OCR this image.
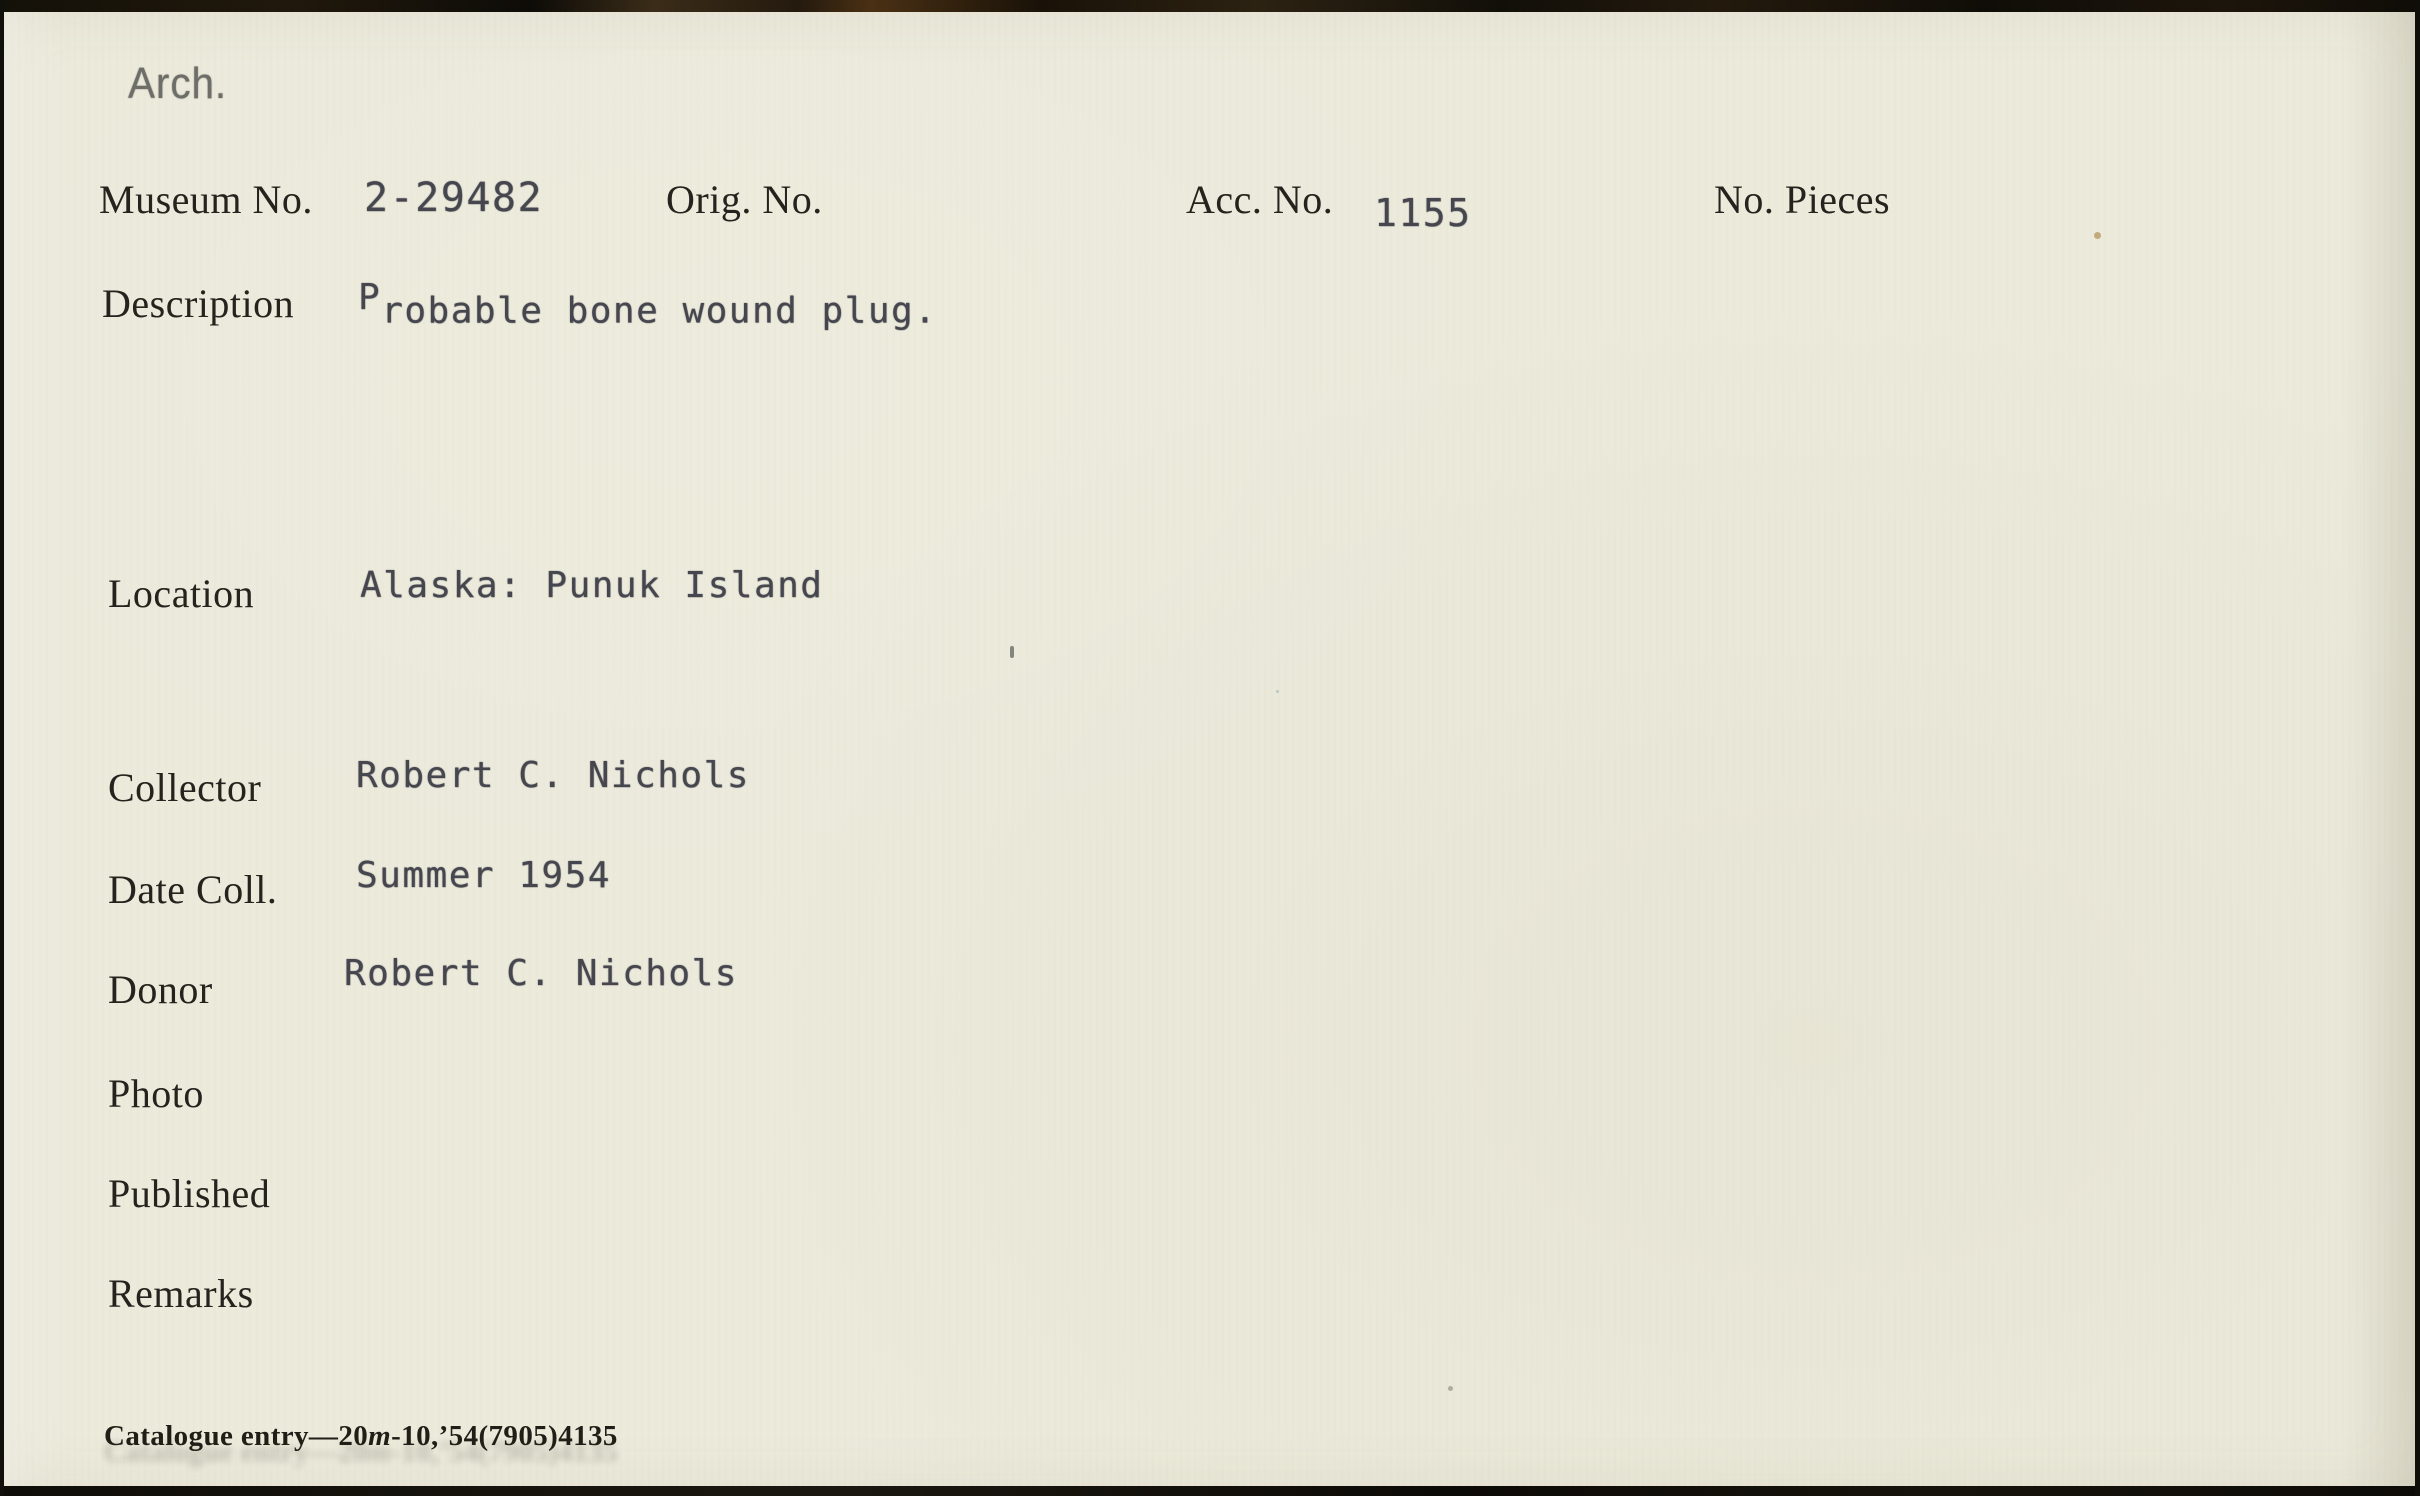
Arch.
Museum No. 2-29482	Orig. No.	Acc. No. 1155	No. Pieces
Description Probable bone wound plug.
Location	Alaska: Punuk Island
Collector	Robert C. Nichols
Date Coll. Summer 1954
Donor	Robert C. Nichols
Photo
Published
Remarks
Catalogue entry—20m-10,’54(7905)4135
